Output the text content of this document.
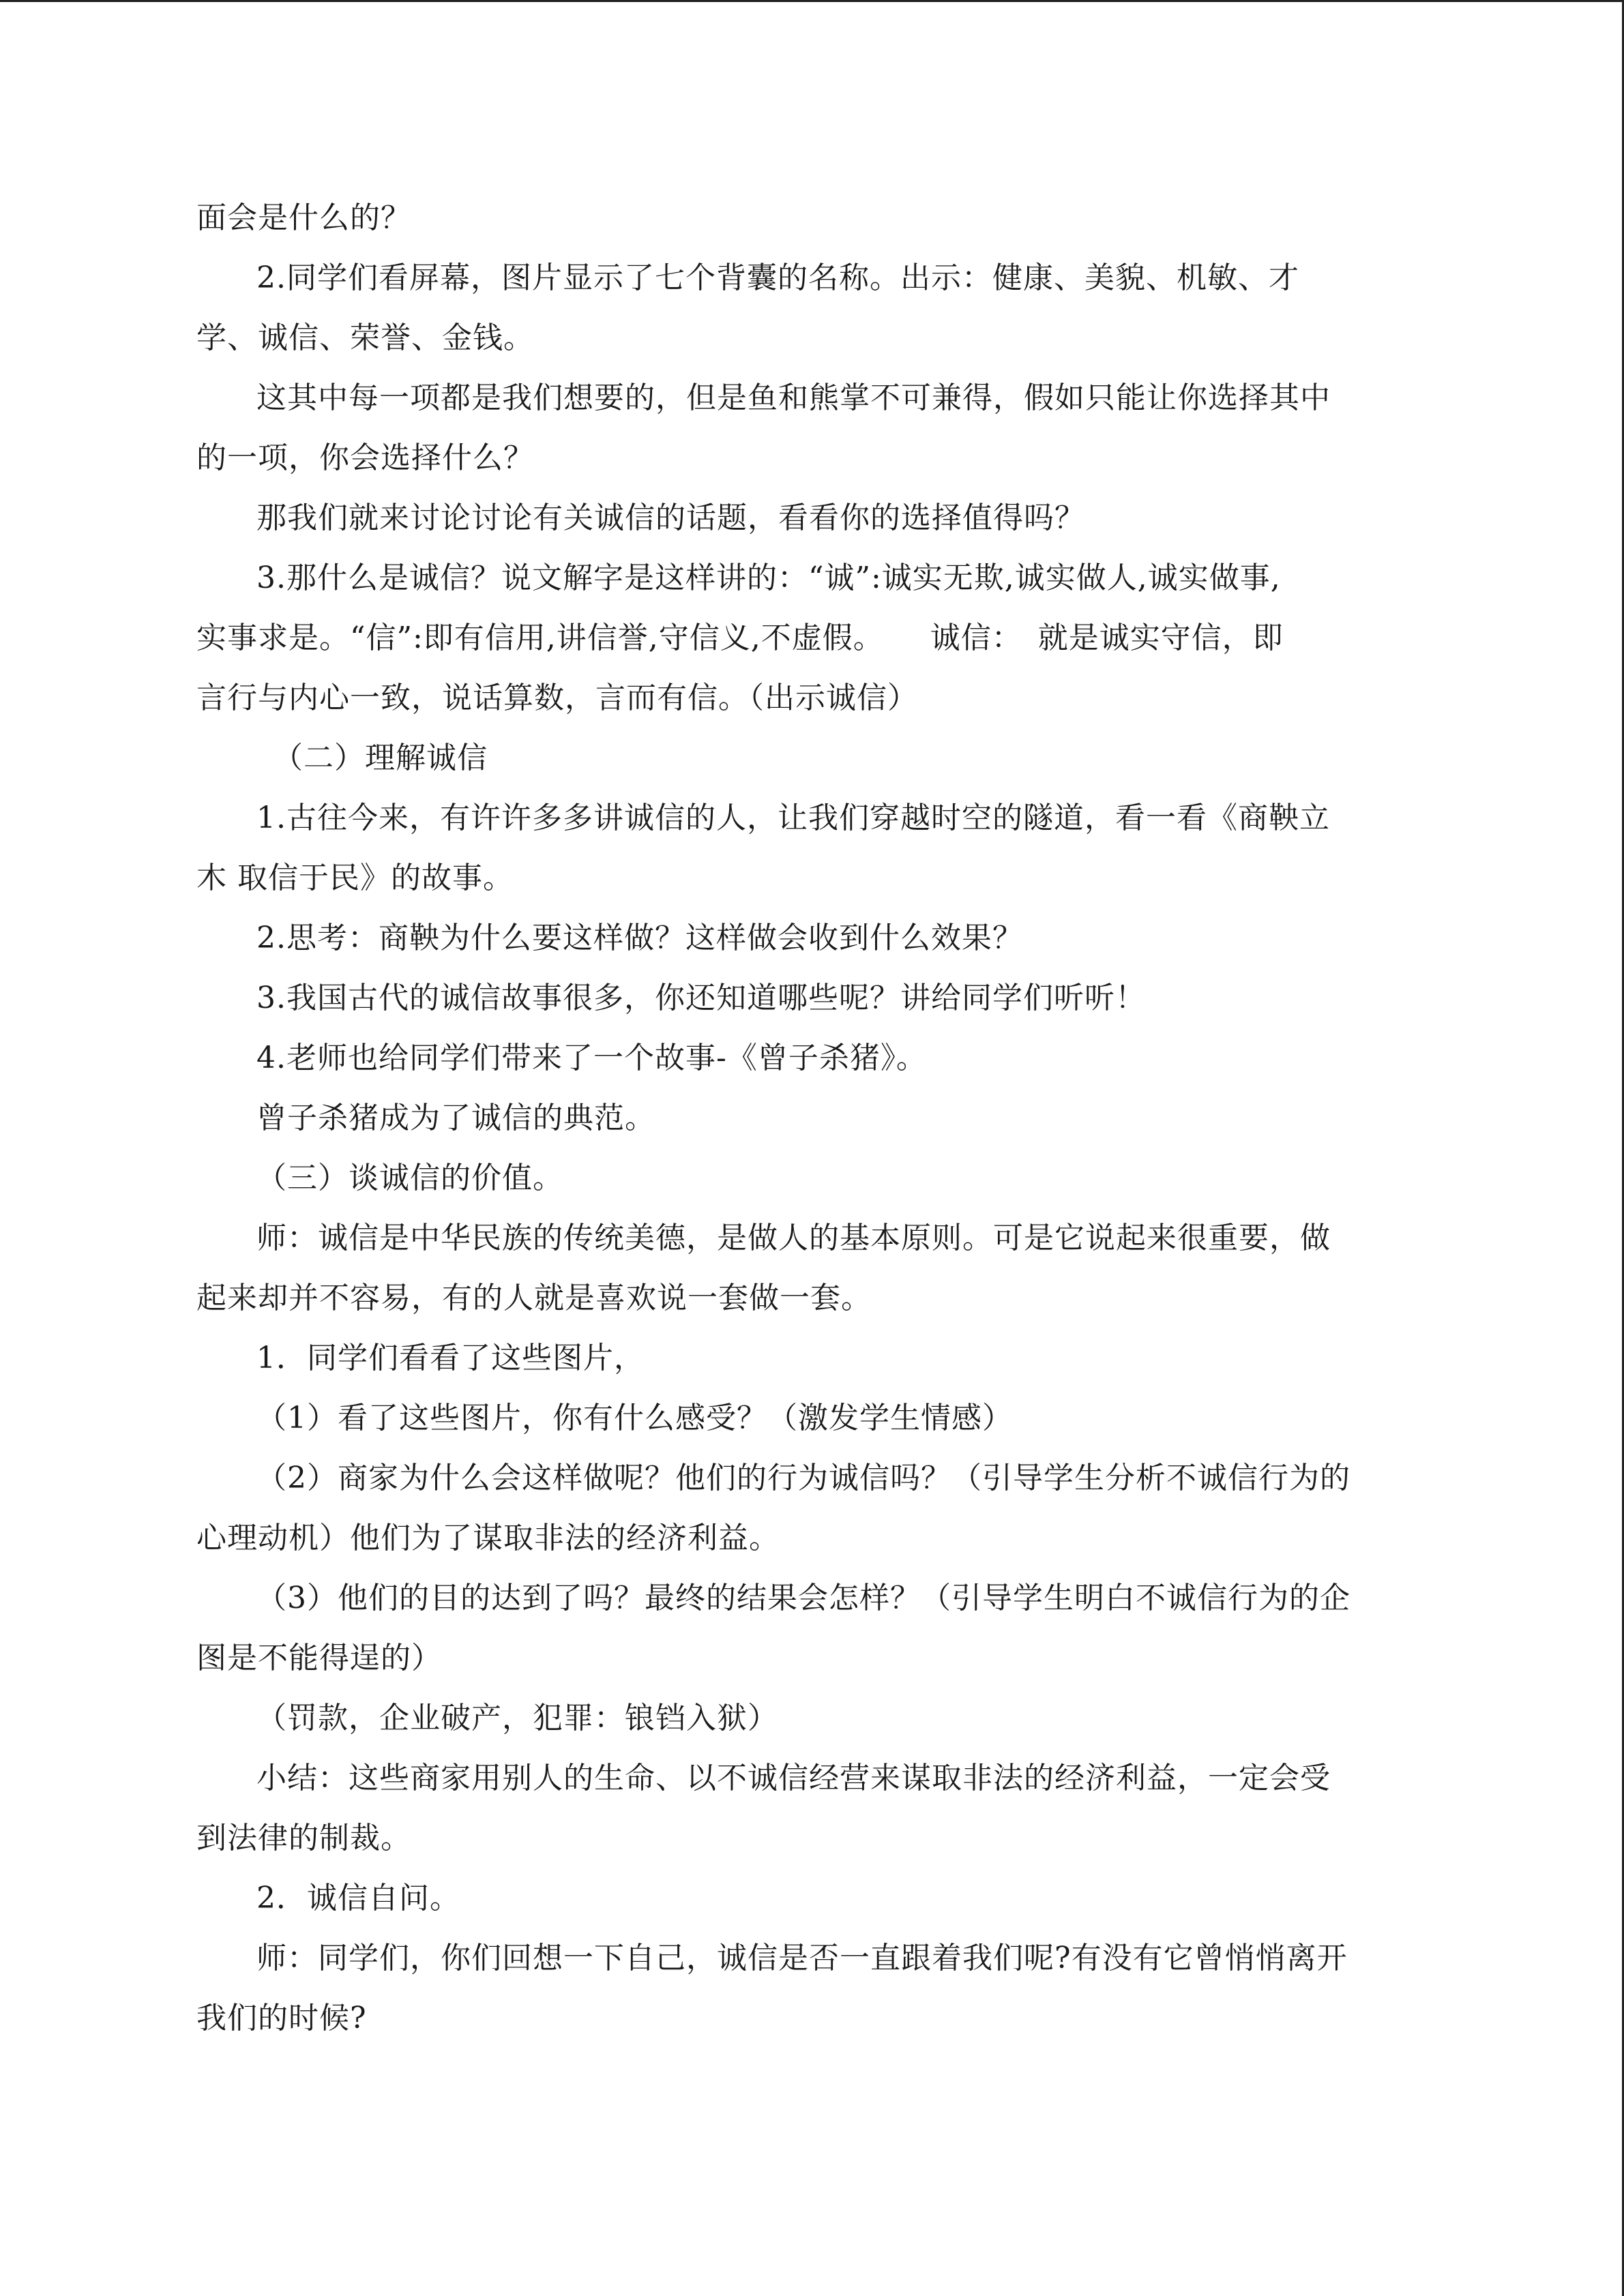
面会是什么的？
2.同学们看屏幕，图片显示了七个背囊的名称。出示：健康、美貌、机敏、才
学、诚信、荣誉、金钱。
这其中每一项都是我们想要的，但是鱼和熊掌不可兼得，假如只能让你选择其中
的一项，你会选择什么？
那我们就来讨论讨论有关诚信的话题，看看你的选择值得吗？
3.那什么是诚信？说文解字是这样讲的：“诚”:诚实无欺,诚实做人,诚实做事,
实事求是。“信”:即有信用,讲信誉,守信义,不虚假。　　诚信：　就是诚实守信，即
言行与内心一致，说话算数，言而有信。（出示诚信）
（二）理解诚信
1.古往今来，有许许多多讲诚信的人，让我们穿越时空的隧道，看一看《商鞅立
木 取信于民》的故事。
2.思考：商鞅为什么要这样做？这样做会收到什么效果？
3.我国古代的诚信故事很多，你还知道哪些呢？讲给同学们听听！
4.老师也给同学们带来了一个故事-《曾子杀猪》。
曾子杀猪成为了诚信的典范。
（三）谈诚信的价值。
师：诚信是中华民族的传统美德，是做人的基本原则。可是它说起来很重要，做
起来却并不容易，有的人就是喜欢说一套做一套。
1．同学们看看了这些图片，
（1）看了这些图片，你有什么感受？（激发学生情感）
（2）商家为什么会这样做呢？他们的行为诚信吗？（引导学生分析不诚信行为的
心理动机）他们为了谋取非法的经济利益。
（3）他们的目的达到了吗？最终的结果会怎样？（引导学生明白不诚信行为的企
图是不能得逞的）
（罚款，企业破产，犯罪：锒铛入狱）
小结：这些商家用别人的生命、以不诚信经营来谋取非法的经济利益，一定会受
到法律的制裁。
2．诚信自问。
师：同学们，你们回想一下自己，诚信是否一直跟着我们呢?有没有它曾悄悄离开
我们的时候?
